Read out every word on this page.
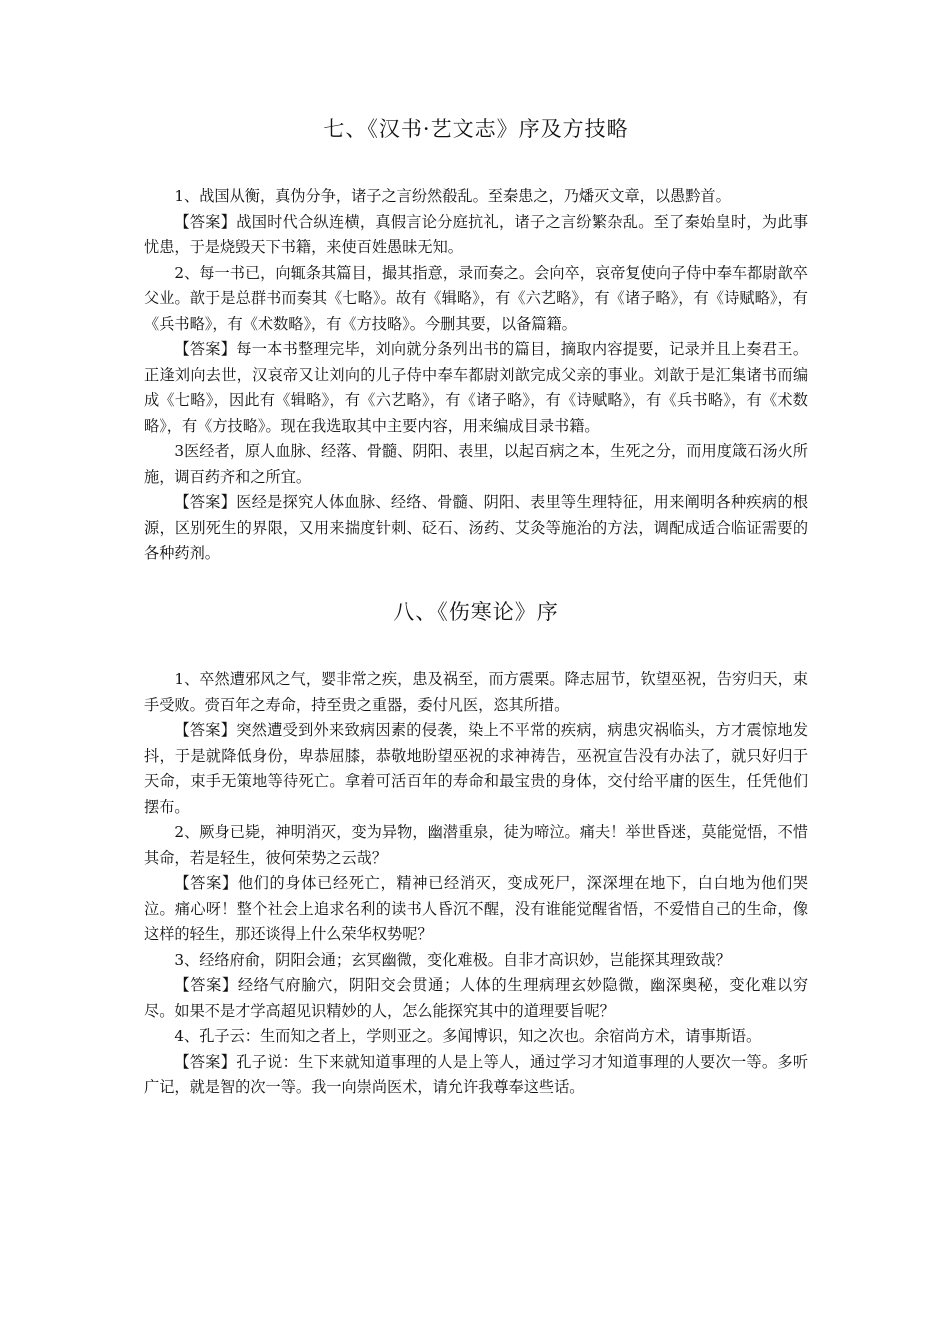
七、《汉书·艺文志》序及方技略

1、战国从衡，真伪分争，诸子之言纷然殽乱。至秦患之，乃燔灭文章，以愚黔首。

【答案】战国时代合纵连横，真假言论分庭抗礼，诸子之言纷繁杂乱。至了秦始皇时，为此事忧患，于是烧毁天下书籍，来使百姓愚昧无知。

2、每一书已，向辄条其篇目，撮其指意，录而奏之。会向卒，哀帝复使向子侍中奉车都尉歆卒父业。歆于是总群书而奏其《七略》。故有《辑略》，有《六艺略》，有《诸子略》，有《诗赋略》，有《兵书略》，有《术数略》，有《方技略》。今删其要，以备篇籍。

【答案】每一本书整理完毕，刘向就分条列出书的篇目，摘取内容提要，记录并且上奏君王。正逢刘向去世，汉哀帝又让刘向的儿子侍中奉车都尉刘歆完成父亲的事业。刘歆于是汇集诸书而编成《七略》，因此有《辑略》，有《六艺略》，有《诸子略》，有《诗赋略》，有《兵书略》，有《术数略》，有《方技略》。现在我选取其中主要内容，用来编成目录书籍。

3医经者，原人血脉、经落、骨髓、阴阳、表里，以起百病之本，生死之分，而用度箴石汤火所施，调百药齐和之所宜。

【答案】医经是探究人体血脉、经络、骨髓、阴阳、表里等生理特征，用来阐明各种疾病的根源，区别死生的界限，又用来揣度针刺、砭石、汤药、艾灸等施治的方法，调配成适合临证需要的各种药剂。

八、《伤寒论》序

1、卒然遭邪风之气，婴非常之疾，患及祸至，而方震栗。降志屈节，钦望巫祝，告穷归天，束手受败。赍百年之寿命，持至贵之重器，委付凡医，恣其所措。

【答案】突然遭受到外来致病因素的侵袭，染上不平常的疾病，病患灾祸临头，方才震惊地发抖，于是就降低身份，卑恭屈膝，恭敬地盼望巫祝的求神祷告，巫祝宣告没有办法了，就只好归于天命，束手无策地等待死亡。拿着可活百年的寿命和最宝贵的身体，交付给平庸的医生，任凭他们摆布。

2、厥身已毙，神明消灭，变为异物，幽潜重泉，徒为啼泣。痛夫！举世昏迷，莫能觉悟，不惜其命，若是轻生，彼何荣势之云哉？

【答案】他们的身体已经死亡，精神已经消灭，变成死尸，深深埋在地下，白白地为他们哭泣。痛心呀！整个社会上追求名利的读书人昏沉不醒，没有谁能觉醒省悟，不爱惜自己的生命，像这样的轻生，那还谈得上什么荣华权势呢？

3、经络府俞，阴阳会通；玄冥幽微，变化难极。自非才高识妙，岂能探其理致哉？

【答案】经络气府腧穴，阴阳交会贯通；人体的生理病理玄妙隐微，幽深奥秘，变化难以穷尽。如果不是才学高超见识精妙的人，怎么能探究其中的道理要旨呢？

4、孔子云：生而知之者上，学则亚之。多闻博识，知之次也。余宿尚方术，请事斯语。

【答案】孔子说：生下来就知道事理的人是上等人，通过学习才知道事理的人要次一等。多听广记，就是智的次一等。我一向崇尚医术，请允许我尊奉这些话。
